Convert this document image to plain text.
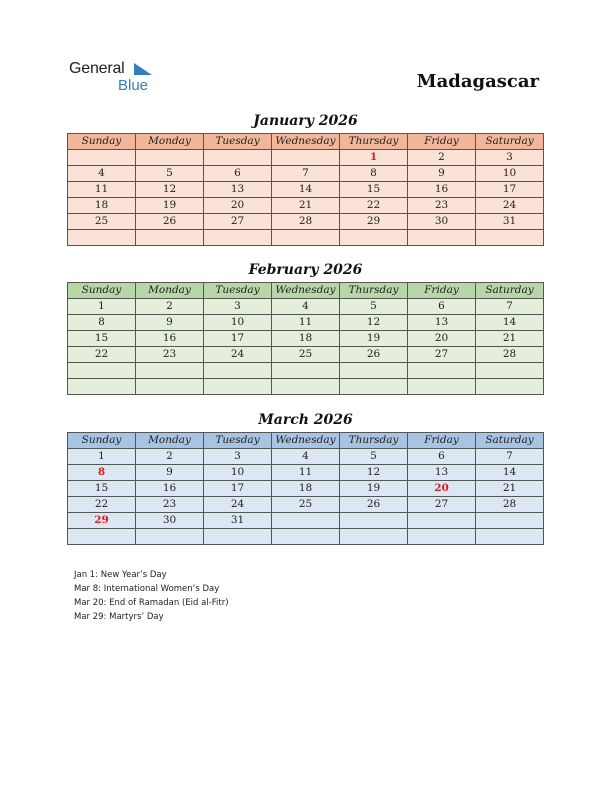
General
Blue	Madagascar
January 2026
Sunday	Monday	Tuesday	Wednesday	Thursday	Friday	Saturday
				1	2	3
4	5	6	7	8	9	10
11	12	13	14	15	16	17
18	19	20	21	22	23	24
25	26	27	28	29	30	31

February 2026
Sunday	Monday	Tuesday	Wednesday	Thursday	Friday	Saturday
1	2	3	4	5	6	7
8	9	10	11	12	13	14
15	16	17	18	19	20	21
22	23	24	25	26	27	28

March 2026
Sunday	Monday	Tuesday	Wednesday	Thursday	Friday	Saturday
1	2	3	4	5	6	7
8	9	10	11	12	13	14
15	16	17	18	19	20	21
22	23	24	25	26	27	28
29	30	31				

Jan 1: New Year’s Day
Mar 8: International Women’s Day
Mar 20: End of Ramadan (Eid al-Fitr)
Mar 29: Martyrs’ Day
